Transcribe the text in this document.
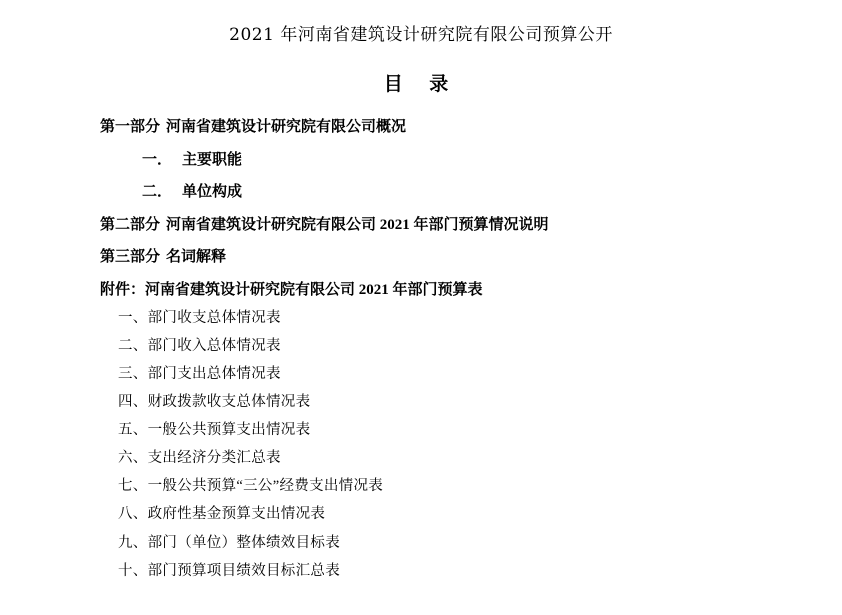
2021 年河南省建筑设计研究院有限公司预算公开
目 录
第一部分 河南省建筑设计研究院有限公司概况
一． 主要职能
二． 单位构成
第二部分 河南省建筑设计研究院有限公司 2021 年部门预算情况说明
第三部分 名词解释
附件：河南省建筑设计研究院有限公司 2021 年部门预算表
一、部门收支总体情况表
二、部门收入总体情况表
三、部门支出总体情况表
四、财政拨款收支总体情况表
五、一般公共预算支出情况表
六、支出经济分类汇总表
七、一般公共预算“三公”经费支出情况表
八、政府性基金预算支出情况表
九、部门（单位）整体绩效目标表
十、部门预算项目绩效目标汇总表
